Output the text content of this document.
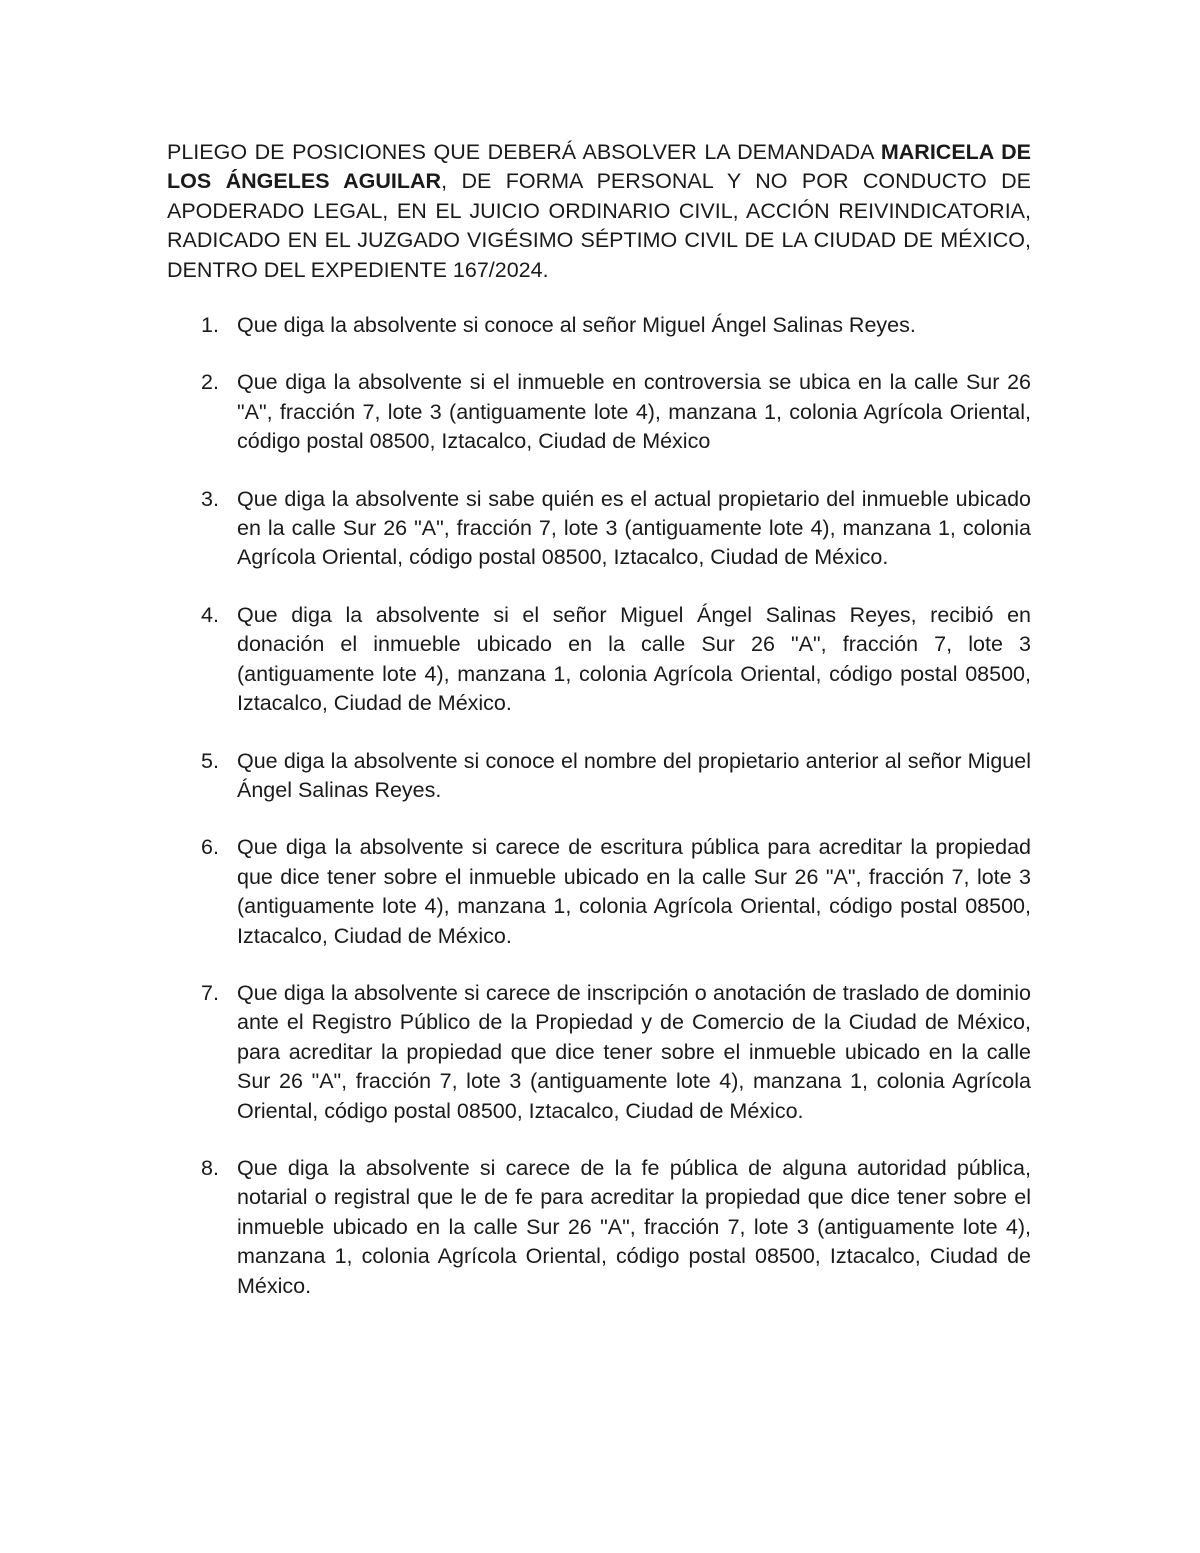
PLIEGO DE POSICIONES QUE DEBERÁ ABSOLVER LA DEMANDADA MARICELA DE LOS ÁNGELES AGUILAR, DE FORMA PERSONAL Y NO POR CONDUCTO DE APODERADO LEGAL, EN EL JUICIO ORDINARIO CIVIL, ACCIÓN REIVINDICATORIA, RADICADO EN EL JUZGADO VIGÉSIMO SÉPTIMO CIVIL DE LA CIUDAD DE MÉXICO, DENTRO DEL EXPEDIENTE 167/2024.

1. Que diga la absolvente si conoce al señor Miguel Ángel Salinas Reyes.
2. Que diga la absolvente si el inmueble en controversia se ubica en la calle Sur 26 "A", fracción 7, lote 3 (antiguamente lote 4), manzana 1, colonia Agrícola Oriental, código postal 08500, Iztacalco, Ciudad de México
3. Que diga la absolvente si sabe quién es el actual propietario del inmueble ubicado en la calle Sur 26 "A", fracción 7, lote 3 (antiguamente lote 4), manzana 1, colonia Agrícola Oriental, código postal 08500, Iztacalco, Ciudad de México.
4. Que diga la absolvente si el señor Miguel Ángel Salinas Reyes, recibió en donación el inmueble ubicado en la calle Sur 26 "A", fracción 7, lote 3 (antiguamente lote 4), manzana 1, colonia Agrícola Oriental, código postal 08500, Iztacalco, Ciudad de México.
5. Que diga la absolvente si conoce el nombre del propietario anterior al señor Miguel Ángel Salinas Reyes.
6. Que diga la absolvente si carece de escritura pública para acreditar la propiedad que dice tener sobre el inmueble ubicado en la calle Sur 26 "A", fracción 7, lote 3 (antiguamente lote 4), manzana 1, colonia Agrícola Oriental, código postal 08500, Iztacalco, Ciudad de México.
7. Que diga la absolvente si carece de inscripción o anotación de traslado de dominio ante el Registro Público de la Propiedad y de Comercio de la Ciudad de México, para acreditar la propiedad que dice tener sobre el inmueble ubicado en la calle Sur 26 "A", fracción 7, lote 3 (antiguamente lote 4), manzana 1, colonia Agrícola Oriental, código postal 08500, Iztacalco, Ciudad de México.
8. Que diga la absolvente si carece de la fe pública de alguna autoridad pública, notarial o registral que le de fe para acreditar la propiedad que dice tener sobre el inmueble ubicado en la calle Sur 26 "A", fracción 7, lote 3 (antiguamente lote 4), manzana 1, colonia Agrícola Oriental, código postal 08500, Iztacalco, Ciudad de México.
